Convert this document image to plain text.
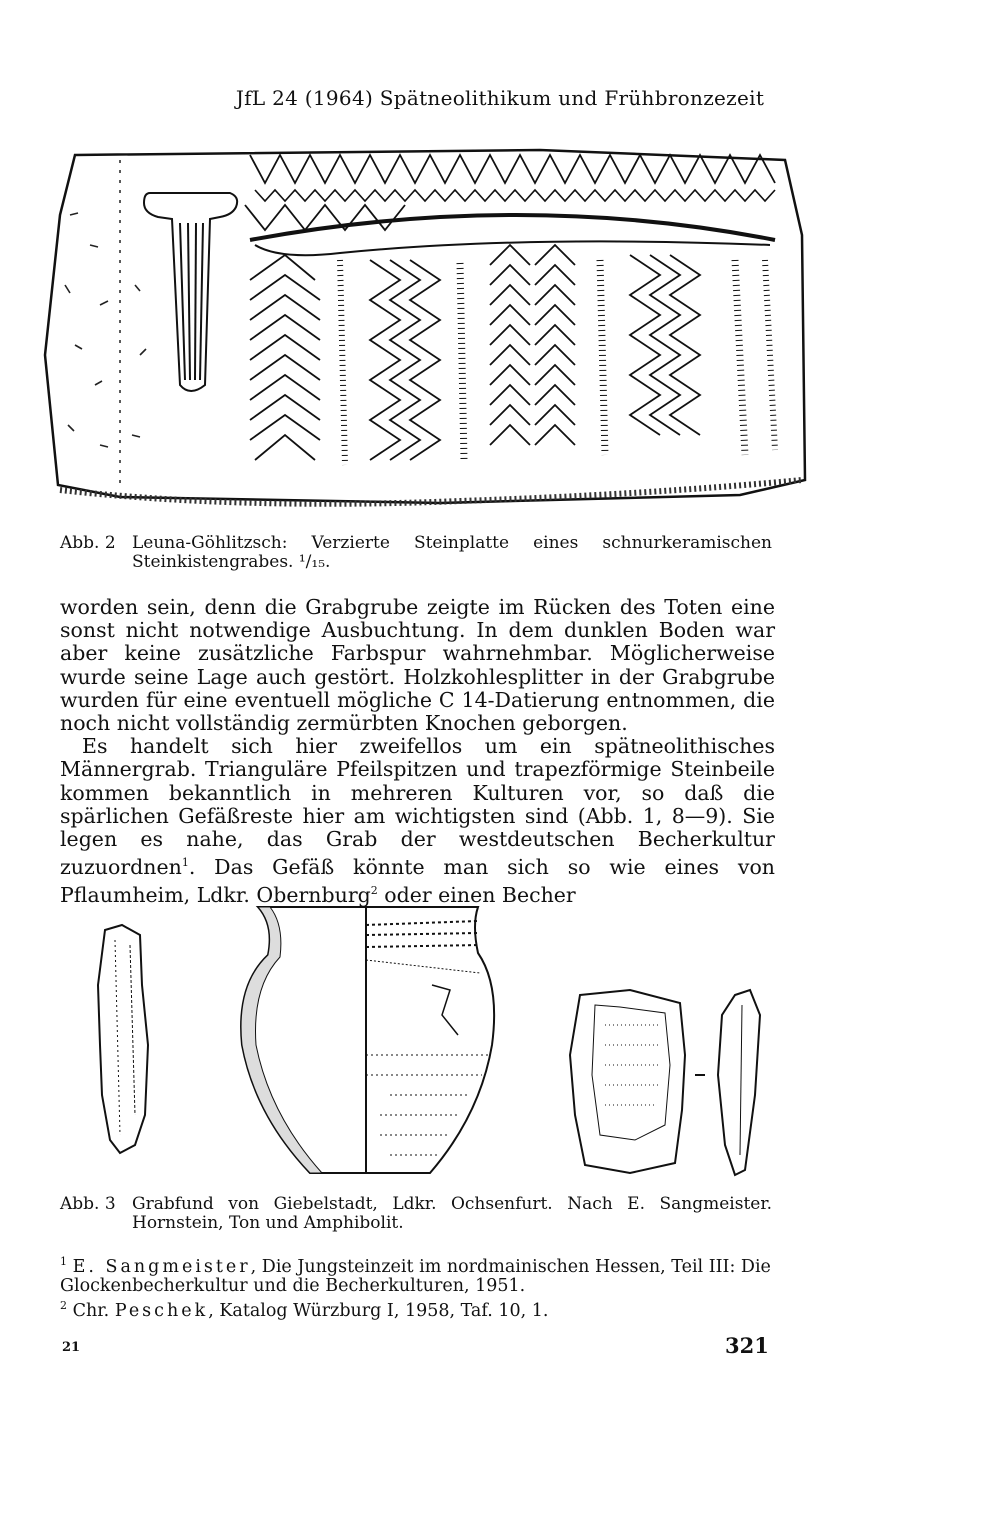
JfL 24 (1964) Spätneolithikum und Frühbronzezeit
Abb. 2 Leuna-Göhlitzsch: Verzierte Steinplatte eines schnurkeramischen Steinkistengrabes. ¹/₁₅.

worden sein, denn die Grabgrube zeigte im Rücken des Toten eine sonst nicht notwendige Ausbuchtung. In dem dunklen Boden war aber keine zusätzliche Farbspur wahrnehmbar. Möglicherweise wurde seine Lage auch gestört. Holzkohlesplitter in der Grabgrube wurden für eine eventuell mögliche C 14-Datierung entnommen, die noch nicht vollständig zermürbten Knochen geborgen.

Es handelt sich hier zweifellos um ein spätneolithisches Männergrab. Trianguläre Pfeilspitzen und trapezförmige Steinbeile kommen bekanntlich in mehreren Kulturen vor, so daß die spärlichen Gefäßreste hier am wichtigsten sind (Abb. 1, 8—9). Sie legen es nahe, das Grab der westdeutschen Becherkultur zuzuordnen$^1$. Das Gefäß könnte man sich so wie eines von Pflaumheim, Ldkr. Obernburg$^2$ oder einen Becher

Abb. 3 Grabfund von Giebelstadt, Ldkr. Ochsenfurt. Nach E. Sangmeister. Hornstein, Ton und Amphibolit.

$^1$ E. Sangmeister, Die Jungsteinzeit im nordmainischen Hessen, Teil III: Die Glockenbecherkultur und die Becherkulturen, 1951.

$^2$ Chr. Peschek, Katalog Würzburg I, 1958, Taf. 10, 1.

21	321
